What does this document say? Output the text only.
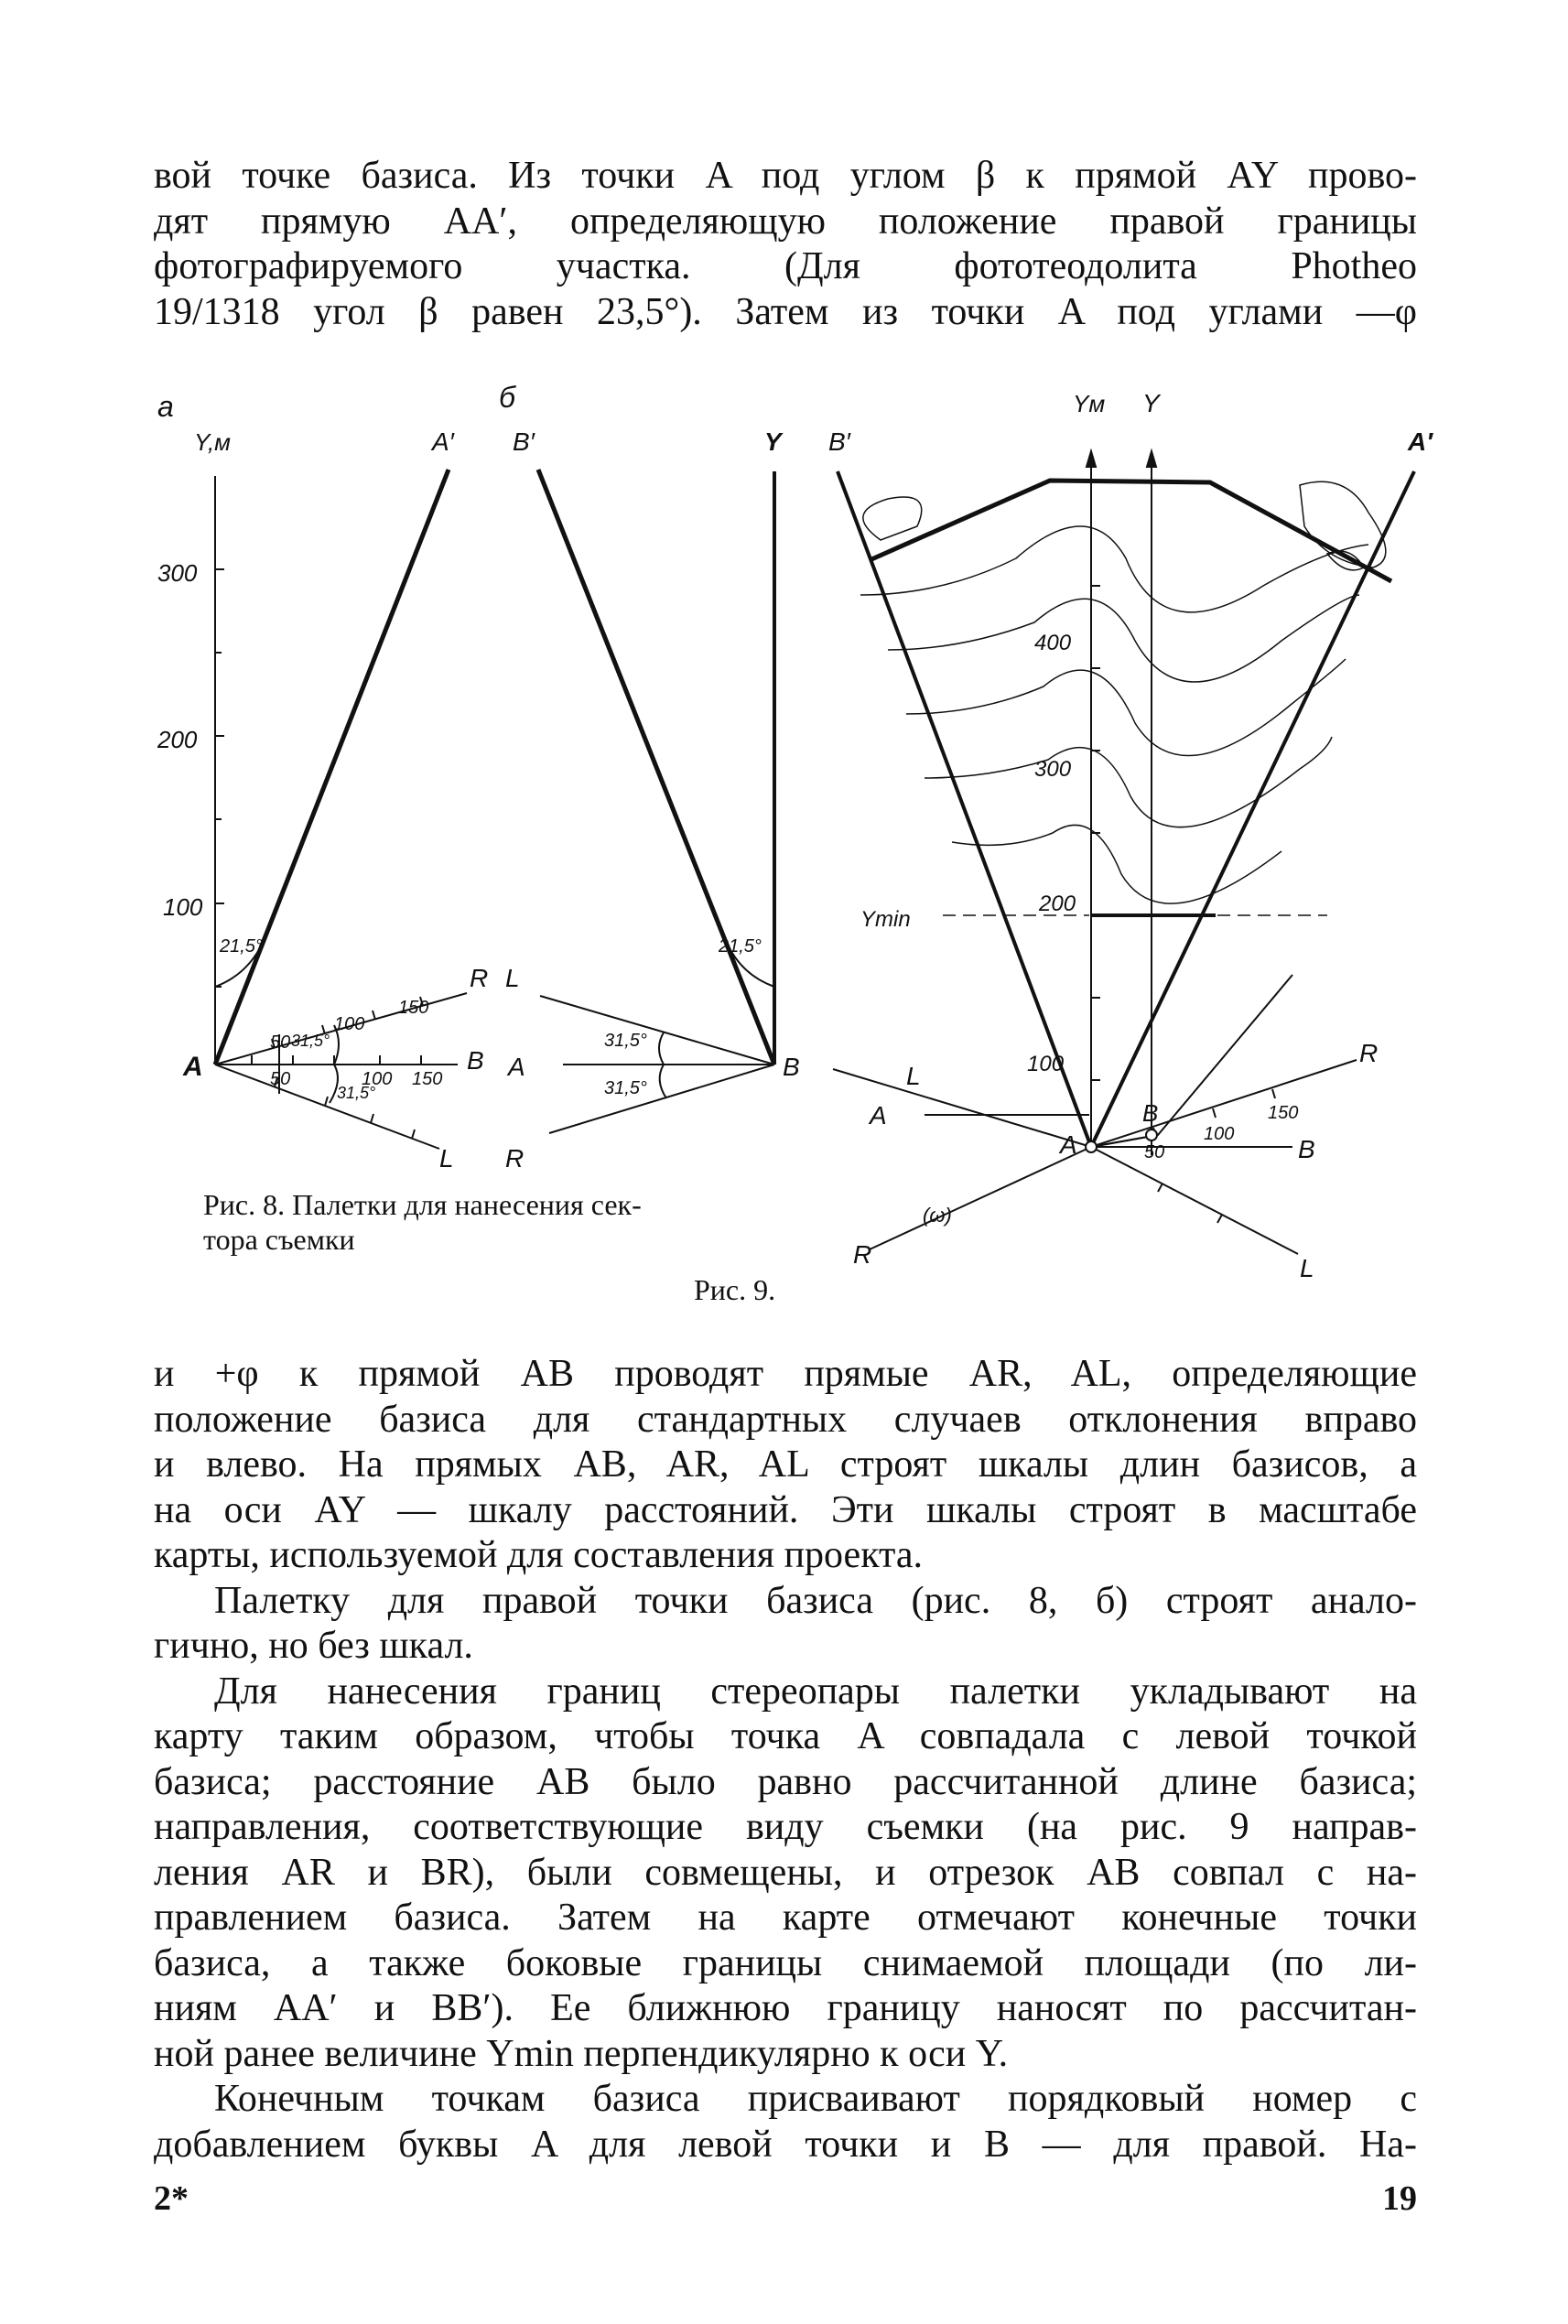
вой точке базиса. Из точки A под углом β к прямой AY прово-
дят прямую AA′, определяющую положение правой границы
фотографируемого участка. (Для фототеодолита Photheo
19/1318 угол β равен 23,5°). Затем из точки A под углами —φ
а	б
Y,м
300
200
100
A′ B′	Y
A	B
R
L
21,5°
31,5°
31,5°
50
100
150
50	100 150
L
A	B
R
21,5°
31,5°
31,5°
Рис. 8. Палетки для нанесения сек-
тора съемки
B′
Yм Y
A′
Ymin
400
300
200
100
L
A
A
B
B
R
L
R
(ω)
50
100
150
Рис. 9.
и +φ к прямой AB проводят прямые AR, AL, определяющие
положение базиса для стандартных случаев отклонения вправо
и влево. На прямых AB, AR, AL строят шкалы длин базисов, а
на оси AY — шкалу расстояний. Эти шкалы строят в масштабе
карты, используемой для составления проекта.
Палетку для правой точки базиса (рис. 8, б) строят анало-
гично, но без шкал.
Для нанесения границ стереопары палетки укладывают на
карту таким образом, чтобы точка A совпадала с левой точкой
базиса; расстояние AB было равно рассчитанной длине базиса;
направления, соответствующие виду съемки (на рис. 9 направ-
ления AR и BR), были совмещены, и отрезок AB совпал с на-
правлением базиса. Затем на карте отмечают конечные точки
базиса, а также боковые границы снимаемой площади (по ли-
ниям AA′ и BB′). Ее ближнюю границу наносят по рассчитан-
ной ранее величине Ymin перпендикулярно к оси Y.
Конечным точкам базиса присваивают порядковый номер с
добавлением буквы A для левой точки и B — для правой. На-
2*	19
